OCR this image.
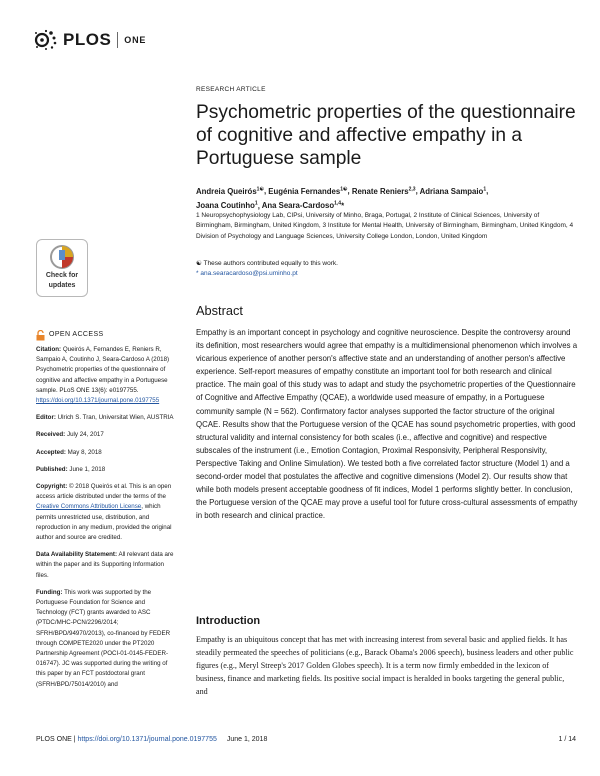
PLOS ONE
RESEARCH ARTICLE
Psychometric properties of the questionnaire of cognitive and affective empathy in a Portuguese sample
Andreia Queirós$^{1☯}$, Eugénia Fernandes$^{1☯}$, Renate Reniers$^{2,3}$, Adriana Sampaio$^1$,
Joana Coutinho$^1$, Ana Seara-Cardoso$^{1,4}$*
1 Neuropsychophysiology Lab, CIPsi, University of Minho, Braga, Portugal, 2 Institute of Clinical Sciences, University of Birmingham, Birmingham, United Kingdom, 3 Institute for Mental Health, University of Birmingham, Birmingham, United Kingdom, 4 Division of Psychology and Language Sciences, University College London, London, United Kingdom
☯ These authors contributed equally to this work.
* ana.searacardoso@psi.uminho.pt
Check for
updates
OPEN ACCESS

Citation: Queirós A, Fernandes E, Reniers R, Sampaio A, Coutinho J, Seara-Cardoso A (2018) Psychometric properties of the questionnaire of cognitive and affective empathy in a Portuguese sample. PLoS ONE 13(6): e0197755. https://doi.org/10.1371/journal.pone.0197755

Editor: Ulrich S. Tran, Universitat Wien, AUSTRIA

Received: July 24, 2017

Accepted: May 8, 2018

Published: June 1, 2018

Copyright: © 2018 Queirós et al. This is an open access article distributed under the terms of the Creative Commons Attribution License, which permits unrestricted use, distribution, and reproduction in any medium, provided the original author and source are credited.

Data Availability Statement: All relevant data are within the paper and its Supporting Information files.

Funding: This work was supported by the Portuguese Foundation for Science and Technology (FCT) grants awarded to ASC (PTDC/MHC-PCN/2296/2014; SFRH/BPD/94970/2013), co-financed by FEDER through COMPETE2020 under the PT2020 Partnership Agreement (POCI-01-0145-FEDER-016747). JC was supported during the writing of this paper by an FCT postdoctoral grant (SFRH/BPD/75014/2010) and

Abstract
Empathy is an important concept in psychology and cognitive neuroscience. Despite the controversy around its definition, most researchers would agree that empathy is a multidimensional phenomenon which involves a vicarious experience of another person's affective state and an understanding of another person's affective experience. Self-report measures of empathy constitute an important tool for both research and clinical practice. The main goal of this study was to adapt and study the psychometric properties of the Questionnaire of Cognitive and Affective Empathy (QCAE), a worldwide used measure of empathy, in a Portuguese community sample (N = 562). Confirmatory factor analyses supported the factor structure of the original QCAE. Results show that the Portuguese version of the QCAE has sound psychometric properties, with good structural validity and internal consistency for both scales (i.e., affective and cognitive) and respective subscales of the instrument (i.e., Emotion Contagion, Proximal Responsivity, Peripheral Responsivity, Perspective Taking and Online Simulation). We tested both a five correlated factor structure (Model 1) and a second-order model that postulates the affective and cognitive dimensions (Model 2). Our results show that while both models present acceptable goodness of fit indices, Model 1 performs slightly better. In conclusion, the Portuguese version of the QCAE may prove a useful tool for future cross-cultural assessments of empathy in both research and clinical practice.
Introduction
Empathy is an ubiquitous concept that has met with increasing interest from several basic and applied fields. It has steadily permeated the speeches of politicians (e.g., Barack Obama's 2006 speech), business leaders and other public figures (e.g., Meryl Streep's 2017 Golden Globes speech). It is a term now firmly embedded in the lexicon of business, finance and marketing fields. Its positive social impact is heralded in books targeting the general public, and
PLOS ONE | https://doi.org/10.1371/journal.pone.0197755 June 1, 2018	1 / 14
